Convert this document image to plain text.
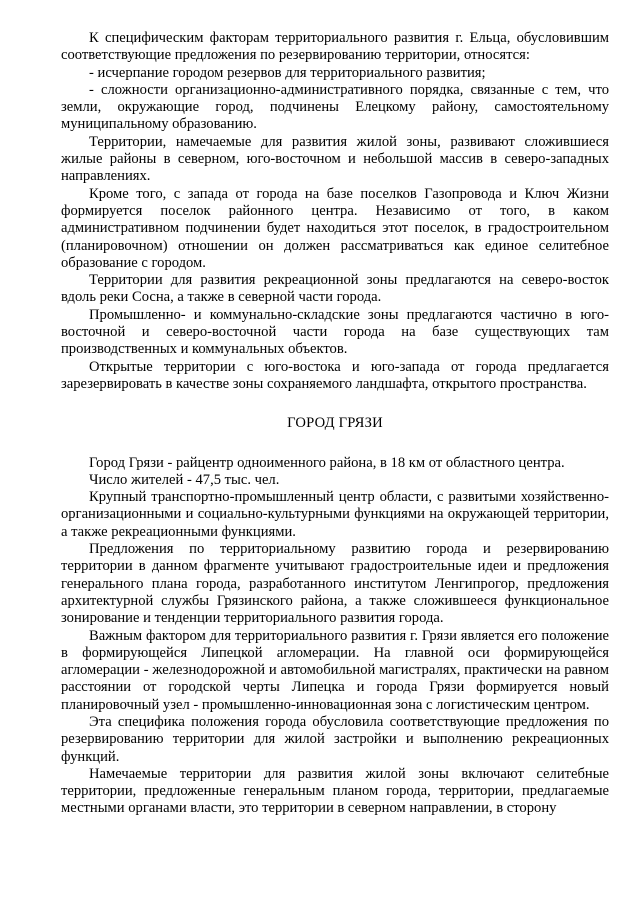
К специфическим факторам территориального развития г. Ельца, обусловившим соответствующие предложения по резервированию территории, относятся:

- исчерпание городом резервов для территориального развития;

- сложности организационно-административного порядка, связанные с тем, что земли, окружающие город, подчинены Елецкому району, самостоятельному муниципальному образованию.

Территории, намечаемые для развития жилой зоны, развивают сложившиеся жилые районы в северном, юго-восточном и небольшой массив в северо-западных направлениях.

Кроме того, с запада от города на базе поселков Газопровода и Ключ Жизни формируется поселок районного центра. Независимо от того, в каком административном подчинении будет находиться этот поселок, в градостроительном (планировочном) отношении он должен рассматриваться как единое селитебное образование с городом.

Территории для развития рекреационной зоны предлагаются на северо-восток вдоль реки Сосна, а также в северной части города.

Промышленно- и коммунально-складские зоны предлагаются частично в юго-восточной и северо-восточной части города на базе существующих там производственных и коммунальных объектов.

Открытые территории с юго-востока и юго-запада от города предлагается зарезервировать в качестве зоны сохраняемого ландшафта, открытого пространства.

ГОРОД ГРЯЗИ

Город Грязи - райцентр одноименного района, в 18 км от областного центра.

Число жителей - 47,5 тыс. чел.

Крупный транспортно-промышленный центр области, с развитыми хозяйственно-организационными и социально-культурными функциями на окружающей территории, а также рекреационными функциями.

Предложения по территориальному развитию города и резервированию территории в данном фрагменте учитывают градостроительные идеи и предложения генерального плана города, разработанного институтом Ленгипрогор, предложения архитектурной службы Грязинского района, а также сложившееся функциональное зонирование и тенденции территориального развития города.

Важным фактором для территориального развития г. Грязи является его положение в формирующейся Липецкой агломерации. На главной оси формирующейся агломерации - железнодорожной и автомобильной магистралях, практически на равном расстоянии от городской черты Липецка и города Грязи формируется новый планировочный узел - промышленно-инновационная зона с логистическим центром.

Эта специфика положения города обусловила соответствующие предложения по резервированию территории для жилой застройки и выполнению рекреационных функций.

Намечаемые территории для развития жилой зоны включают селитебные территории, предложенные генеральным планом города, территории, предлагаемые местными органами власти, это территории в северном направлении, в сторону
